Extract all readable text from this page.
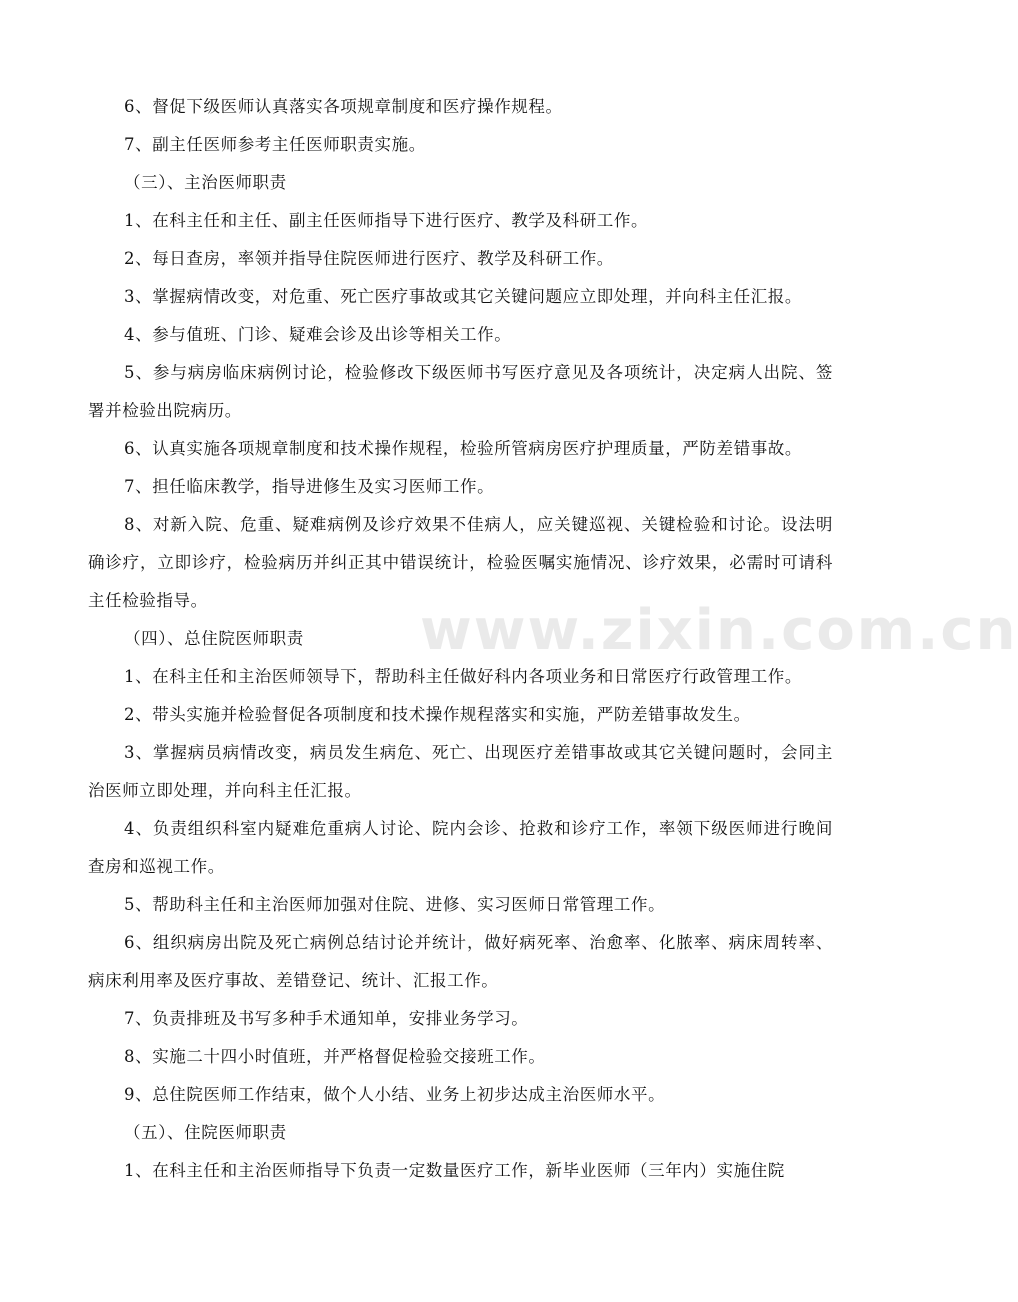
6、督促下级医师认真落实各项规章制度和医疗操作规程。

7、副主任医师参考主任医师职责实施。

（三）、主治医师职责

1、在科主任和主任、副主任医师指导下进行医疗、教学及科研工作。

2、每日查房，率领并指导住院医师进行医疗、教学及科研工作。

3、掌握病情改变，对危重、死亡医疗事故或其它关键问题应立即处理，并向科主任汇报。

4、参与值班、门诊、疑难会诊及出诊等相关工作。

5、参与病房临床病例讨论，检验修改下级医师书写医疗意见及各项统计，决定病人出院、签署并检验出院病历。

6、认真实施各项规章制度和技术操作规程，检验所管病房医疗护理质量，严防差错事故。

7、担任临床教学，指导进修生及实习医师工作。

8、对新入院、危重、疑难病例及诊疗效果不佳病人，应关键巡视、关键检验和讨论。设法明确诊疗，立即诊疗，检验病历并纠正其中错误统计，检验医嘱实施情况、诊疗效果，必需时可请科主任检验指导。

（四）、总住院医师职责

1、在科主任和主治医师领导下，帮助科主任做好科内各项业务和日常医疗行政管理工作。

2、带头实施并检验督促各项制度和技术操作规程落实和实施，严防差错事故发生。

3、掌握病员病情改变，病员发生病危、死亡、出现医疗差错事故或其它关键问题时，会同主治医师立即处理，并向科主任汇报。

4、负责组织科室内疑难危重病人讨论、院内会诊、抢救和诊疗工作，率领下级医师进行晚间查房和巡视工作。

5、帮助科主任和主治医师加强对住院、进修、实习医师日常管理工作。

6、组织病房出院及死亡病例总结讨论并统计，做好病死率、治愈率、化脓率、病床周转率、病床利用率及医疗事故、差错登记、统计、汇报工作。

7、负责排班及书写多种手术通知单，安排业务学习。

8、实施二十四小时值班，并严格督促检验交接班工作。

9、总住院医师工作结束，做个人小结、业务上初步达成主治医师水平。

（五）、住院医师职责

1、在科主任和主治医师指导下负责一定数量医疗工作，新毕业医师（三年内）实施住院

www.zixin.com.cn
